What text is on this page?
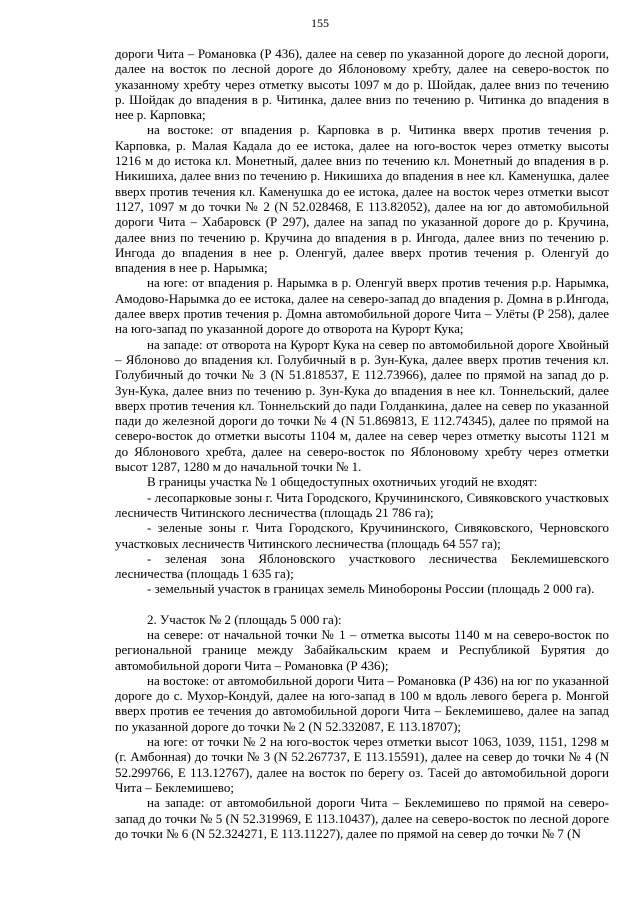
155

дороги Чита – Романовка (Р 436), далее на север по указанной дороге до лесной дороги, далее на восток по лесной дороге до Яблоновому хребту, далее на северо-восток по указанному хребту через отметку высоты 1097 м до р. Шойдак, далее вниз по течению р. Шойдак до впадения в р. Читинка, далее вниз по течению р. Читинка до впадения в нее р. Карповка;

на востоке: от впадения р. Карповка в р. Читинка вверх против течения р. Карповка, р. Малая Кадала до ее истока, далее на юго-восток через отметку высоты 1216 м до истока кл. Монетный, далее вниз по течению кл. Монетный до впадения в р. Никишиха, далее вниз по течению р. Никишиха до впадения в нее кл. Каменушка, далее вверх против течения кл. Каменушка до ее истока, далее на восток через отметки высот 1127, 1097 м до точки № 2 (N 52.028468, E 113.82052), далее на юг до автомобильной дороги Чита – Хабаровск (Р 297), далее на запад по указанной дороге до р. Кручина, далее вниз по течению р. Кручина до впадения в р. Ингода, далее вниз по течению р. Ингода до впадения в нее р. Оленгуй, далее вверх против течения р. Оленгуй до впадения в нее р. Нарымка;

на юге: от впадения р. Нарымка в р. Оленгуй вверх против течения р.р. Нарымка, Амодово-Нарымка до ее истока, далее на северо-запад до впадения р. Домна в р.Ингода, далее вверх против течения р. Домна автомобильной дороге Чита – Улёты (Р 258), далее на юго-запад по указанной дороге до отворота на Курорт Кука;

на западе: от отворота на Курорт Кука на север по автомобильной дороге Хвойный – Яблоново до впадения кл. Голубичный в р. Зун-Кука, далее вверх против течения кл. Голубичный до точки № 3 (N 51.818537, E 112.73966), далее по прямой на запад до р. Зун-Кука, далее вниз по течению р. Зун-Кука до впадения в нее кл. Тоннельский, далее вверх против течения кл. Тоннельский до пади Голданкина, далее на север по указанной пади до железной дороги до точки № 4 (N 51.869813, E 112.74345), далее по прямой на северо-восток до отметки высоты 1104 м, далее на север через отметку высоты 1121 м до Яблонового хребта, далее на северо-восток по Яблоновому хребту через отметки высот 1287, 1280 м до начальной точки № 1.

В границы участка № 1 общедоступных охотничьих угодий не входят:

- лесопарковые зоны г. Чита Городского, Кручининского, Сивяковского участковых лесничеств Читинского лесничества (площадь 21 786 га);

- зеленые зоны г. Чита Городского, Кручининского, Сивяковского, Черновского участковых лесничеств Читинского лесничества (площадь 64 557 га);

- зеленая зона Яблоновского участкового лесничества Беклемишевского лесничества (площадь 1 635 га);

- земельный участок в границах земель Минобороны России (площадь 2 000 га).

2. Участок № 2 (площадь 5 000 га):

на севере: от начальной точки № 1 – отметка высоты 1140 м на северо-восток по региональной границе между Забайкальским краем и Республикой Бурятия до автомобильной дороги Чита – Романовка (Р 436);

на востоке: от автомобильной дороги Чита – Романовка (Р 436) на юг по указанной дороге до с. Мухор-Кондуй, далее на юго-запад в 100 м вдоль левого берега р. Монгой вверх против ее течения до автомобильной дороги Чита – Беклемишево, далее на запад по указанной дороге до точки № 2 (N 52.332087, E 113.18707);

на юге: от точки № 2 на юго-восток через отметки высот 1063, 1039, 1151, 1298 м (г. Амбонная) до точки № 3 (N 52.267737, E 113.15591), далее на север до точки № 4 (N 52.299766, E 113.12767), далее на восток по берегу оз. Тасей до автомобильной дороги Чита – Беклемишево;

на западе: от автомобильной дороги Чита – Беклемишево по прямой на северо-запад до точки № 5 (N 52.319969, E 113.10437), далее на северо-восток по лесной дороге до точки № 6 (N 52.324271, E 113.11227), далее по прямой на север до точки № 7 (N
